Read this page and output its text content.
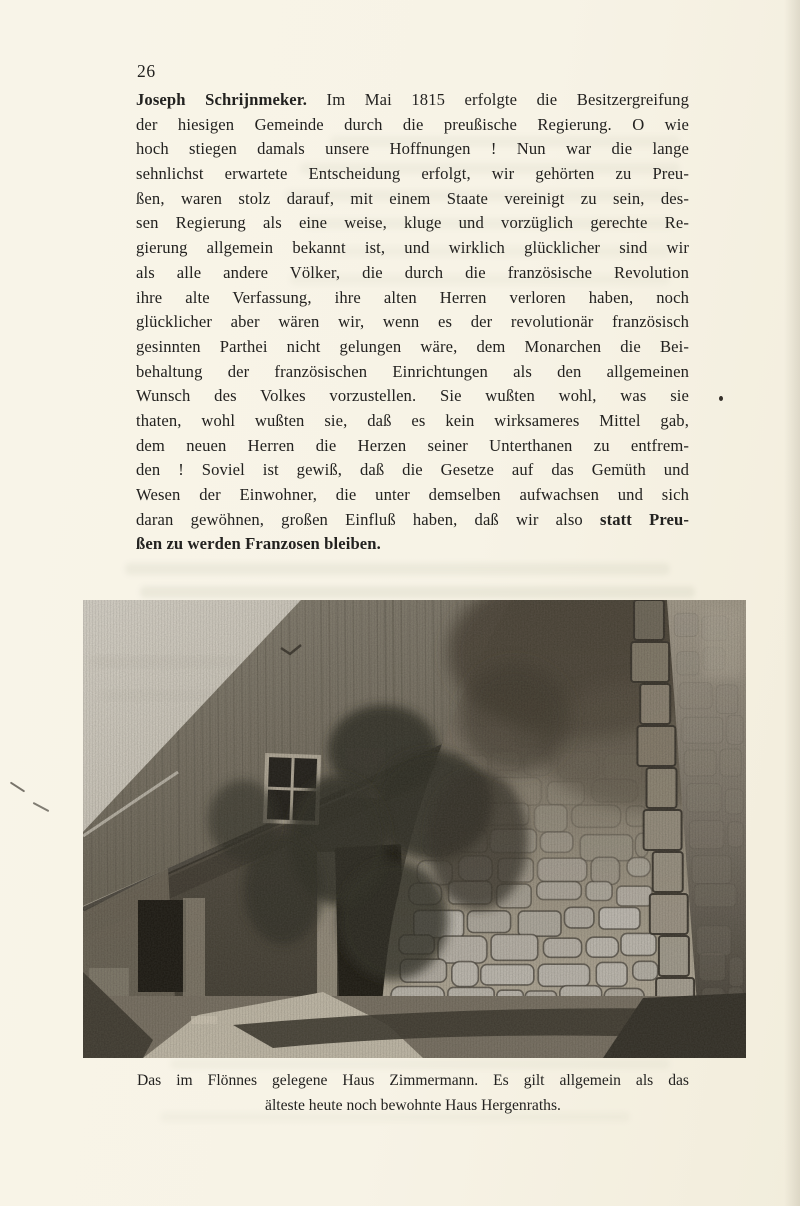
26
Joseph Schrijnmeker. Im Mai 1815 erfolgte die Besitzergreifung
der hiesigen Gemeinde durch die preußische Regierung. O wie
hoch stiegen damals unsere Hoffnungen ! Nun war die lange
sehnlichst erwartete Entscheidung erfolgt, wir gehörten zu Preu-
ßen, waren stolz darauf, mit einem Staate vereinigt zu sein, des-
sen Regierung als eine weise, kluge und vorzüglich gerechte Re-
gierung allgemein bekannt ist, und wirklich glücklicher sind wir
als alle andere Völker, die durch die französische Revolution
ihre alte Verfassung, ihre alten Herren verloren haben, noch
glücklicher aber wären wir, wenn es der revolutionär französisch
gesinnten Parthei nicht gelungen wäre, dem Monarchen die Bei-
behaltung der französischen Einrichtungen als den allgemeinen
Wunsch des Volkes vorzustellen. Sie wußten wohl, was sie
thaten, wohl wußten sie, daß es kein wirksameres Mittel gab,
dem neuen Herren die Herzen seiner Unterthanen zu entfrem-
den ! Soviel ist gewiß, daß die Gesetze auf das Gemüth und
Wesen der Einwohner, die unter demselben aufwachsen und sich
daran gewöhnen, großen Einfluß haben, daß wir also statt Preu-
ßen zu werden Franzosen bleiben.
Das im Flönnes gelegene Haus Zimmermann. Es gilt allgemein als das
älteste heute noch bewohnte Haus Hergenraths.
